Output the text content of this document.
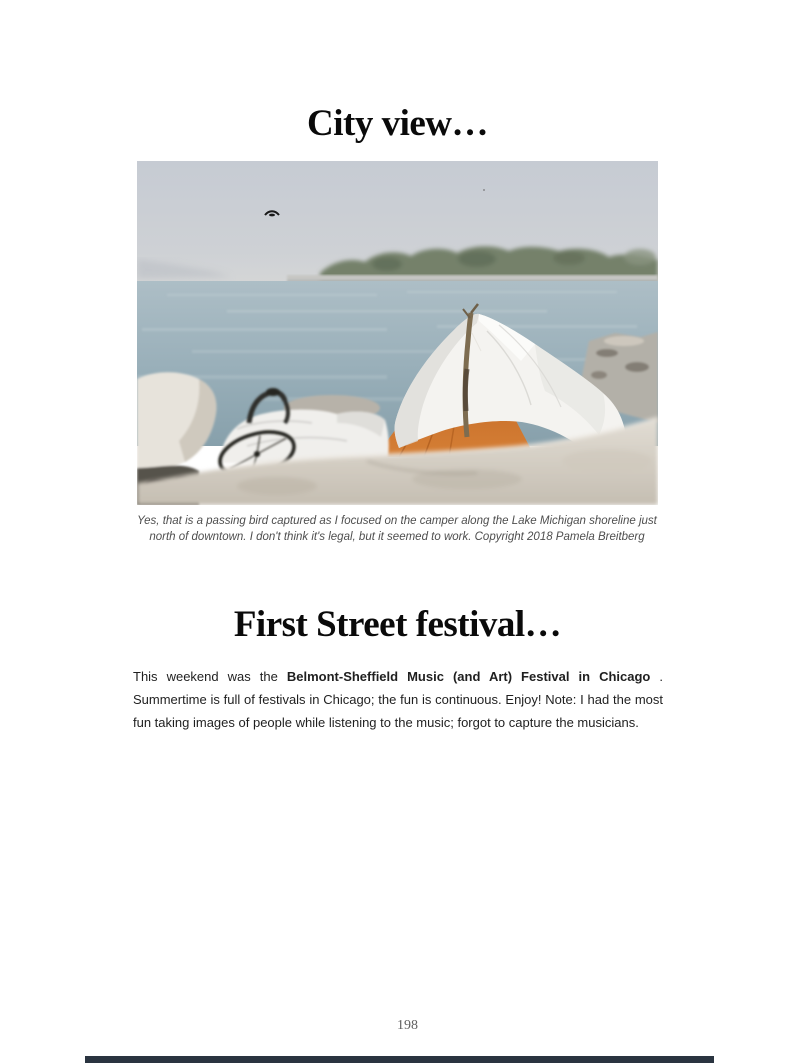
City view…
Yes, that is a passing bird captured as I focused on the camper along the Lake Michigan shoreline just
north of downtown. I don't think it's legal, but it seemed to work. Copyright 2018 Pamela Breitberg
First Street festival…

This weekend was the Belmont-Sheffield Music (and Art) Festival in Chicago . Summertime is full of festivals in Chicago; the fun is continuous. Enjoy! Note: I had the most fun taking images of people while listening to the music; forgot to capture the musicians.

198
